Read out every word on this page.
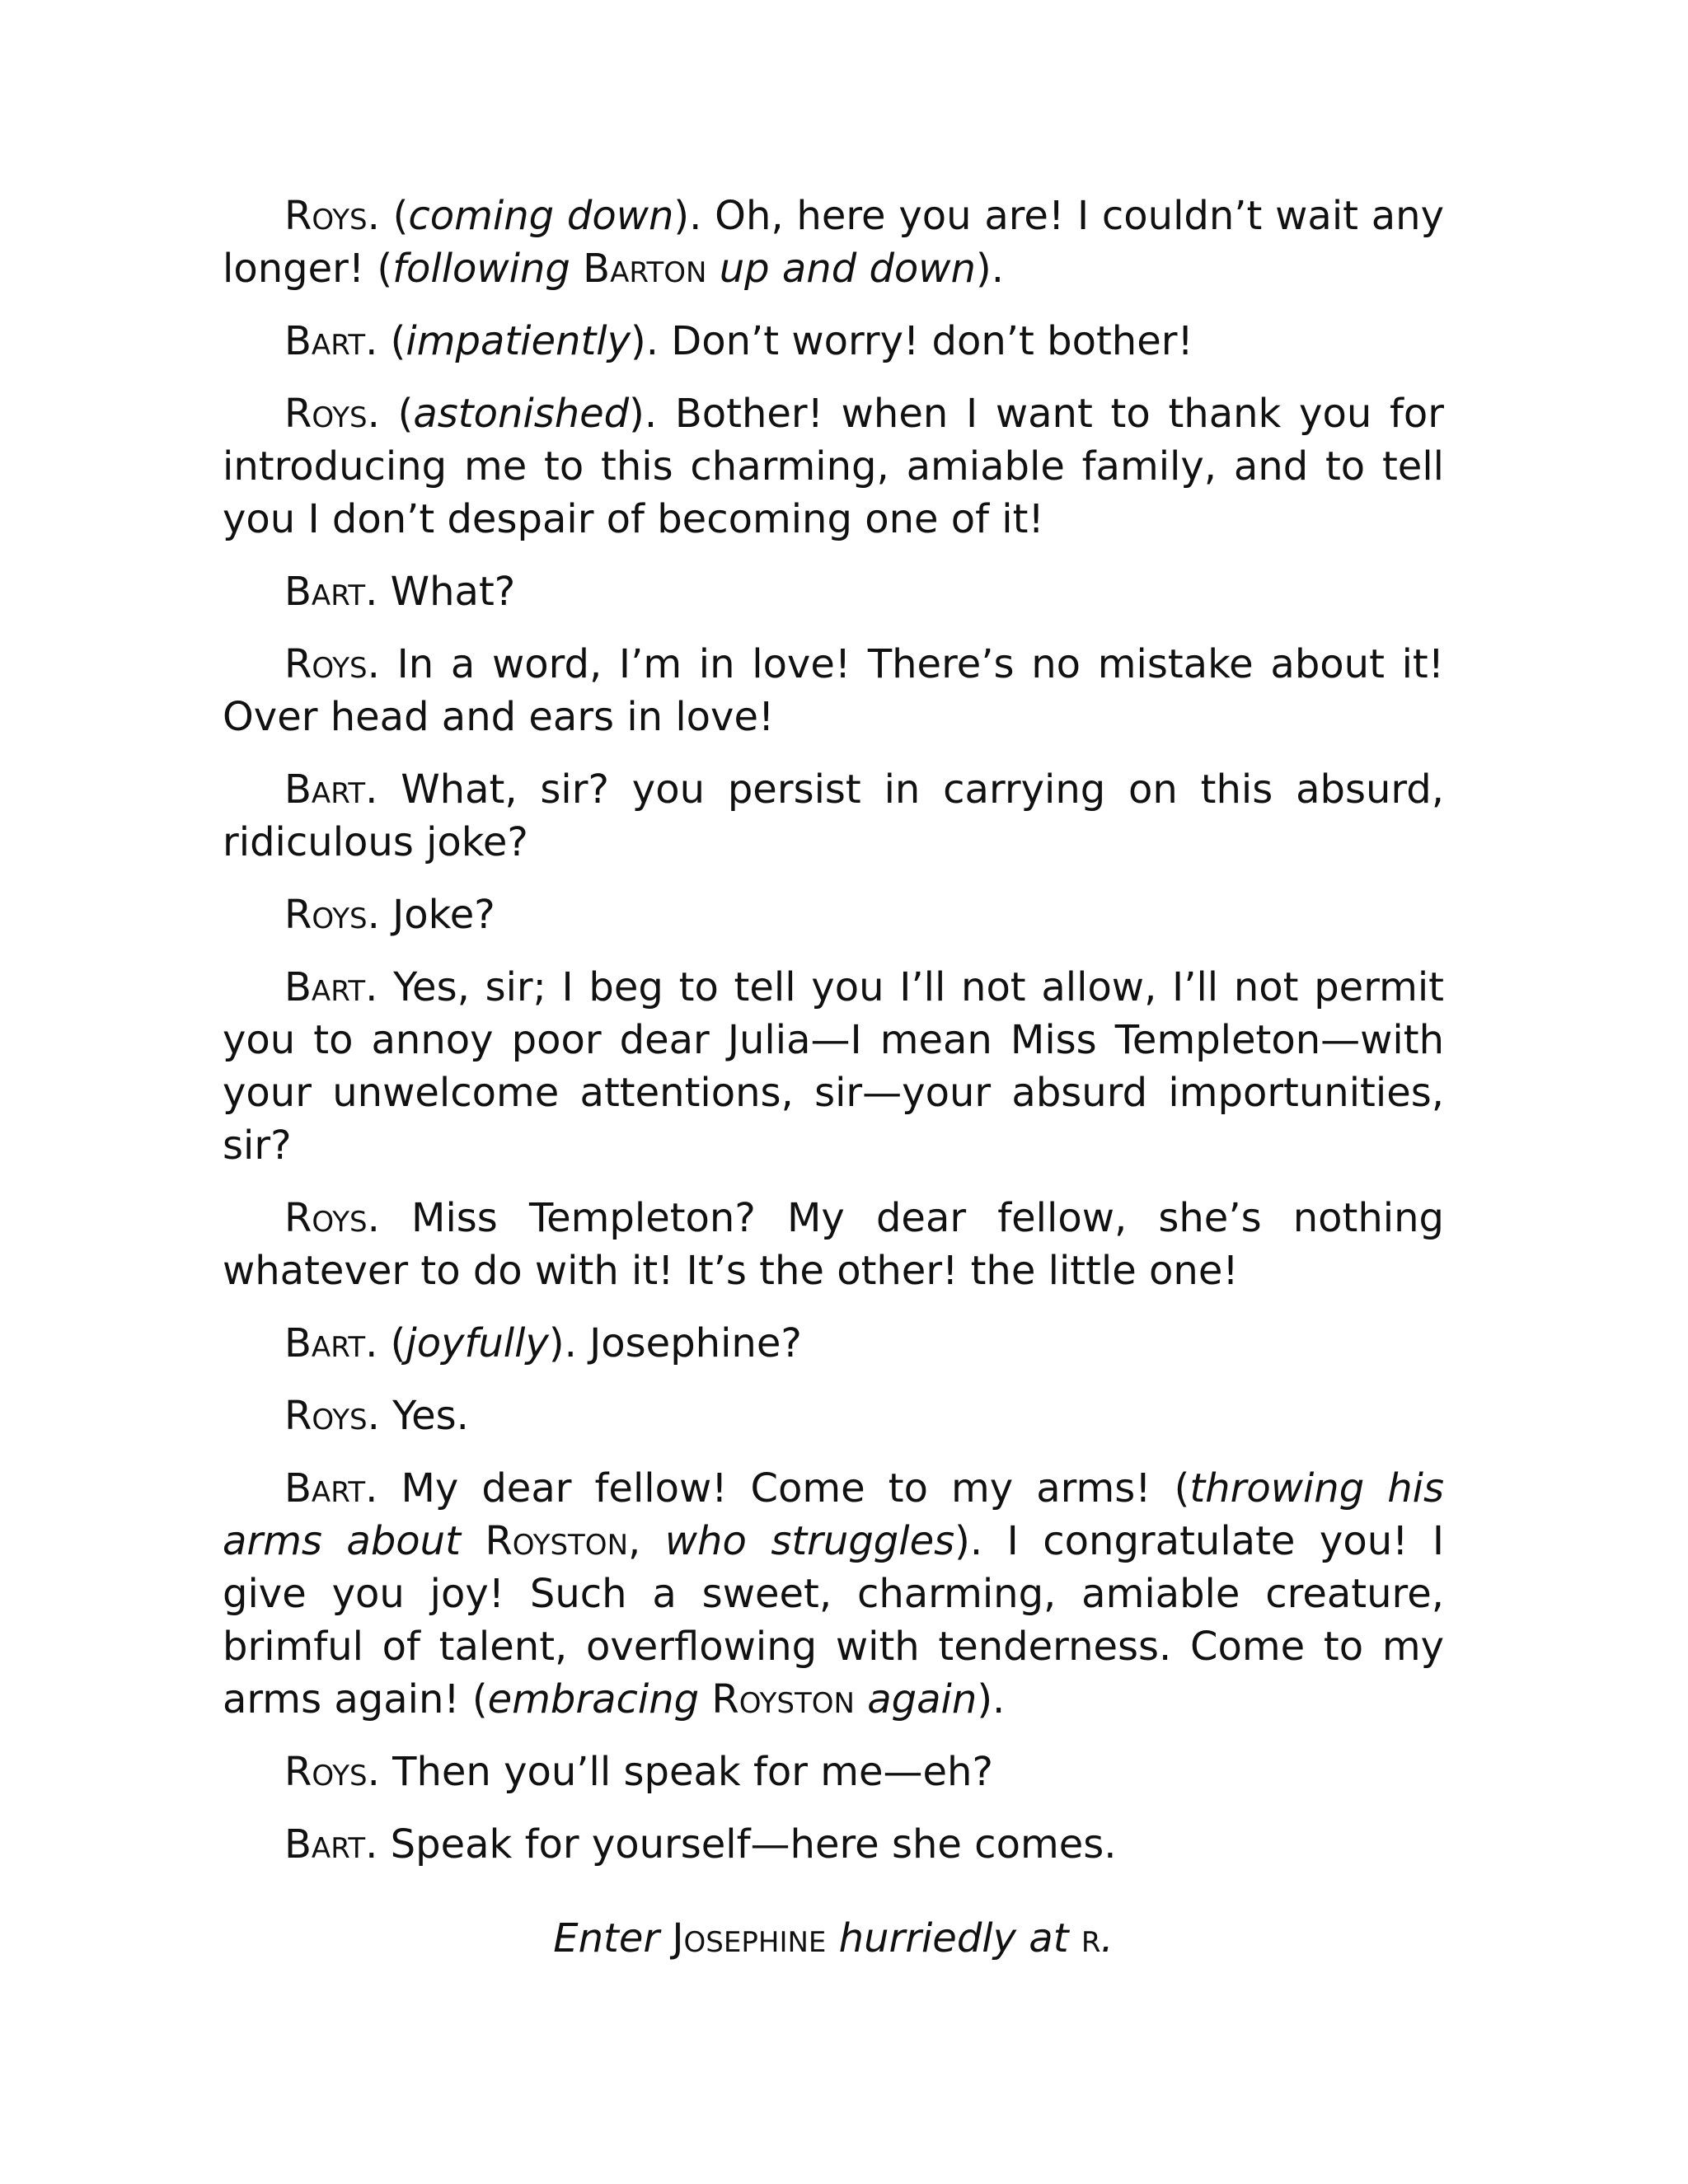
Roys. (coming down). Oh, here you are! I couldn’t wait any longer! (following Barton up and down).

Bart. (impatiently). Don’t worry! don’t bother!

Roys. (astonished). Bother! when I want to thank you for introducing me to this charming, amiable family, and to tell you I don’t despair of becoming one of it!

Bart. What?

Roys. In a word, I’m in love! There’s no mistake about it! Over head and ears in love!

Bart. What, sir? you persist in carrying on this absurd, ridiculous joke?

Roys. Joke?

Bart. Yes, sir; I beg to tell you I’ll not allow, I’ll not permit you to annoy poor dear Julia—I mean Miss Templeton—with your unwelcome attentions, sir—your absurd importunities, sir?

Roys. Miss Templeton? My dear fellow, she’s nothing whatever to do with it! It’s the other! the little one!

Bart. (joyfully). Josephine?

Roys. Yes.

Bart. My dear fellow! Come to my arms! (throwing his arms about Royston, who struggles). I congratulate you! I give you joy! Such a sweet, charming, amiable creature, brimful of talent, overflowing with tenderness. Come to my arms again! (embracing Royston again).

Roys. Then you’ll speak for me—eh?

Bart. Speak for yourself—here she comes.

Enter Josephine hurriedly at r.
